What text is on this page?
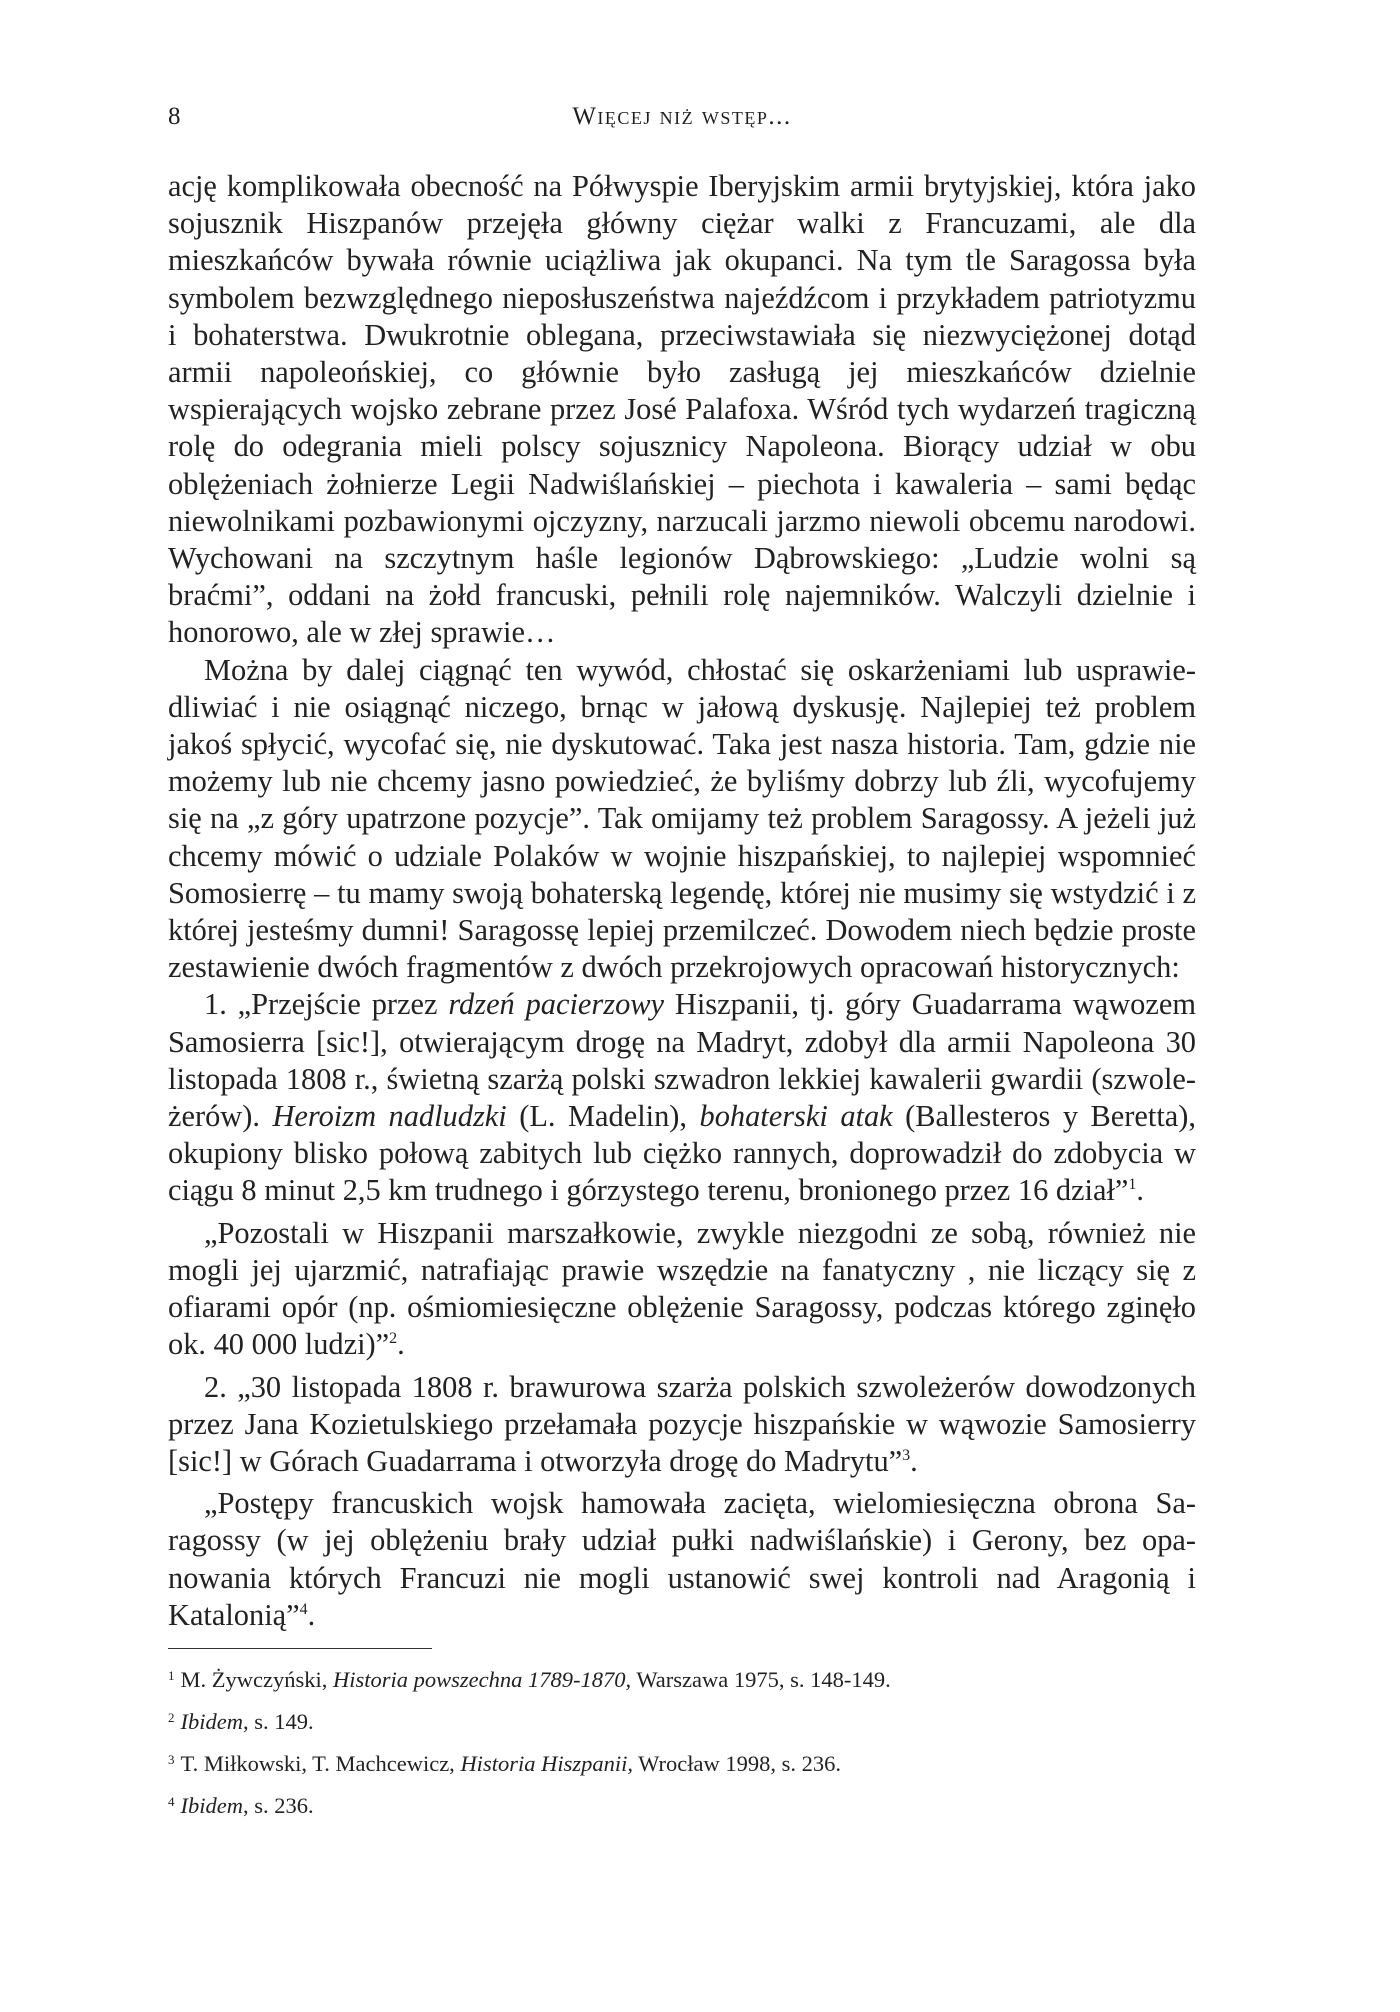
8	Więcej niż wstęp...

ację komplikowała obecność na Półwyspie Iberyjskim armii brytyjskiej, która jako sojusznik Hiszpanów przejęła główny ciężar walki z Francuzami, ale dla mieszkańców bywała równie uciążliwa jak okupanci. Na tym tle Saragossa była symbolem bezwzględnego nieposłuszeństwa najeźdźcom i przykładem patriotyzmu i bohaterstwa. Dwukrotnie oblegana, przeciwstawiała się niezwyciężonej dotąd armii napoleońskiej, co głównie było zasługą jej mieszkańców dzielnie wspierających wojsko zebrane przez José Palafoxa. Wśród tych wydarzeń tragiczną rolę do odegrania mieli polscy sojusznicy Napoleona. Biorący udział w obu oblężeniach żołnierze Legii Nadwiślańskiej – piechota i kawaleria – sami będąc niewolnikami pozbawionymi ojczyzny, narzucali jarzmo niewoli obcemu narodowi. Wychowani na szczytnym haśle legionów Dąbrowskiego: „Ludzie wolni są braćmi”, oddani na żołd francuski, pełnili rolę najemników. Walczyli dzielnie i honorowo, ale w złej sprawie…

Można by dalej ciągnąć ten wywód, chłostać się oskarżeniami lub usprawiedliwiać i nie osiągnąć niczego, brnąc w jałową dyskusję. Najlepiej też problem jakoś spłycić, wycofać się, nie dyskutować. Taka jest nasza historia. Tam, gdzie nie możemy lub nie chcemy jasno powiedzieć, że byliśmy dobrzy lub źli, wycofujemy się na „z góry upatrzone pozycje”. Tak omijamy też problem Saragossy. A jeżeli już chcemy mówić o udziale Polaków w wojnie hiszpańskiej, to najlepiej wspomnieć Somosierrę – tu mamy swoją bohaterską legendę, której nie musimy się wstydzić i z której jesteśmy dumni! Saragossę lepiej przemilczeć. Dowodem niech będzie proste zestawienie dwóch fragmentów z dwóch przekrojowych opracowań historycznych:

1. „Przejście przez rdzeń pacierzowy Hiszpanii, tj. góry Guadarrama wąwozem Samosierra [sic!], otwierającym drogę na Madryt, zdobył dla armii Napoleona 30 listopada 1808 r., świetną szarżą polski szwadron lekkiej kawalerii gwardii (szwoleżerów). Heroizm nadludzki (L. Madelin), bohaterski atak (Ballesteros y Beretta), okupiony blisko połową zabitych lub ciężko rannych, doprowadził do zdobycia w ciągu 8 minut 2,5 km trudnego i górzystego terenu, bronionego przez 16 dział”$^1$.

„Pozostali w Hiszpanii marszałkowie, zwykle niezgodni ze sobą, również nie mogli jej ujarzmić, natrafiając prawie wszędzie na fanatyczny , nie liczący się z ofiarami opór (np. ośmiomiesięczne oblężenie Saragossy, podczas którego zginęło ok. 40 000 ludzi)”$^2$.

2. „30 listopada 1808 r. brawurowa szarża polskich szwoleżerów dowodzonych przez Jana Kozietulskiego przełamała pozycje hiszpańskie w wąwozie Samosierry [sic!] w Górach Guadarrama i otworzyła drogę do Madrytu”$^3$.

„Postępy francuskich wojsk hamowała zacięta, wielomiesięczna obrona Saragossy (w jej oblężeniu brały udział pułki nadwiślańskie) i Gerony, bez opanowania których Francuzi nie mogli ustanowić swej kontroli nad Aragonią i Katalonią”$^4$.

$^1$ M. Żywczyński, Historia powszechna 1789-1870, Warszawa 1975, s. 148-149.

$^2$ Ibidem, s. 149.

$^3$ T. Miłkowski, T. Machcewicz, Historia Hiszpanii, Wrocław 1998, s. 236.

$^4$ Ibidem, s. 236.
